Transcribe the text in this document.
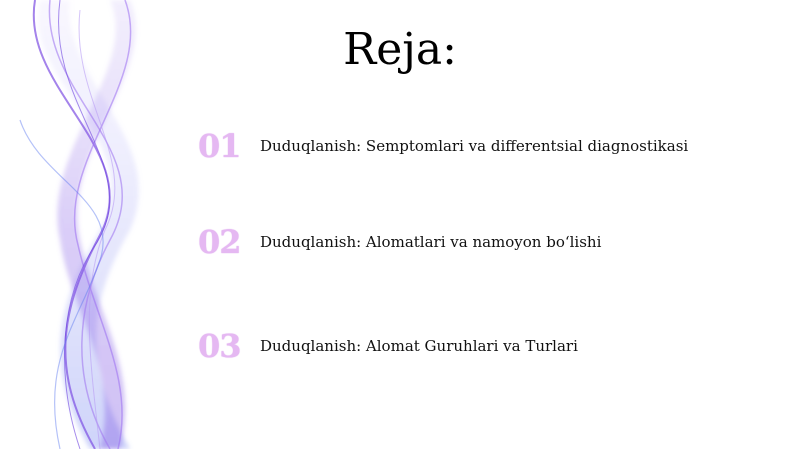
Reja:
01	Duduqlanish: Semptomlari va differentsial diagnostikasi
02	Duduqlanish: Alomatlari va namoyon bo‘lishi
03	Duduqlanish: Alomat Guruhlari va Turlari
